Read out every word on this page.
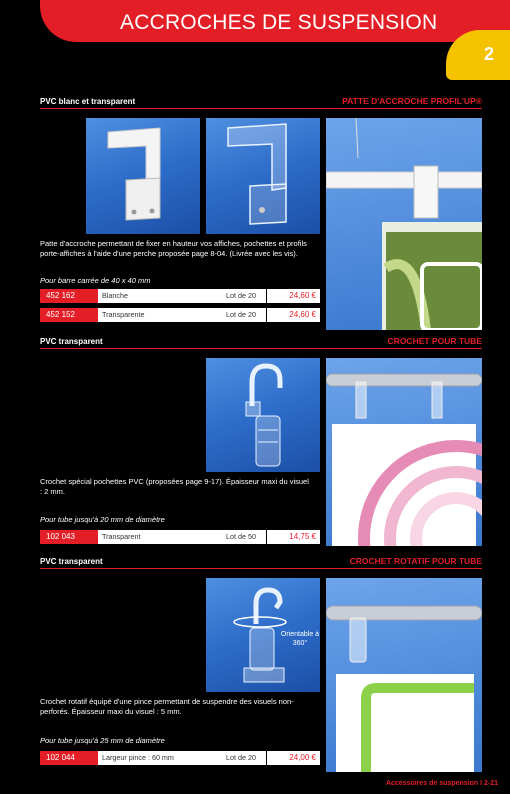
ACCROCHES DE SUSPENSION
2
PVC blanc et transparent	PATTE D'ACCROCHE PROFIL'UP®
Patte d'accroche permettant de fixer en hauteur vos affiches, pochettes et profils porte-affiches à l'aide d'une perche proposée page 8-04. (Livrée avec les vis).
Pour barre carrée de 40 x 40 mm
452 162	Blanche	Lot de 20	24,60 €
452 152	Transparente	Lot de 20	24,60 €
PVC transparent	CROCHET POUR TUBE
Crochet spécial pochettes PVC (proposées page 9-17). Épaisseur maxi du visuel : 2 mm.
Pour tube jusqu'à 20 mm de diamètre
102 043	Transparent	Lot de 50	14,75 €
PVC transparent	CROCHET ROTATIF POUR TUBE
Orientable à 360°
Crochet rotatif équipé d'une pince permettant de suspendre des visuels non-perforés. Épaisseur maxi du visuel : 5 mm.
Pour tube jusqu'à 25 mm de diamètre
102 044	Largeur pince : 60 mm	Lot de 20	24,00 €
Accessoires de suspension I 2-21
